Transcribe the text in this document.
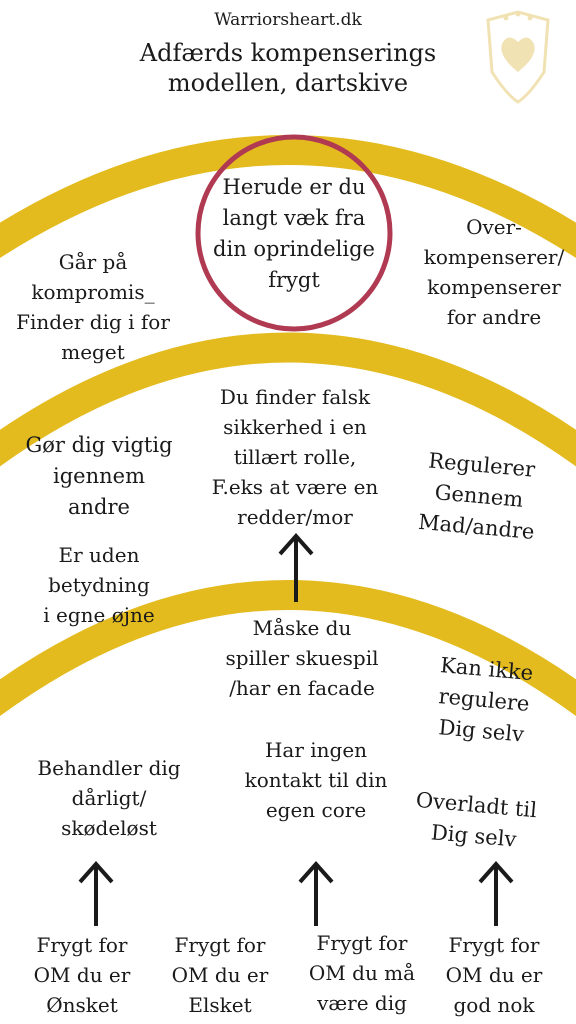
Warriorsheart.dk
Adfærds kompenserings
modellen, dartskive
Herude er du
langt væk fra
din oprindelige
frygt
Går på
kompromis_
Finder dig i for
meget
Over-
kompenserer/
kompenserer
for andre
Du finder falsk
sikkerhed i en
tillært rolle,
F.eks at være en
redder/mor
Gør dig vigtig
igennem
andre
Er uden
betydning
i egne øjne
Regulerer
Gennem
Mad/andre
Måske du
spiller skuespil
/har en facade
Kan ikke
regulere
Dig selv
Behandler dig
dårligt/
skødeløst
Har ingen
kontakt til din
egen core	Overladt til
Dig selv
Frygt for
OM du er
Ønsket
Frygt for
OM du er
Elsket
Frygt for
OM du må
være dig
Frygt for
OM du er
god nok
